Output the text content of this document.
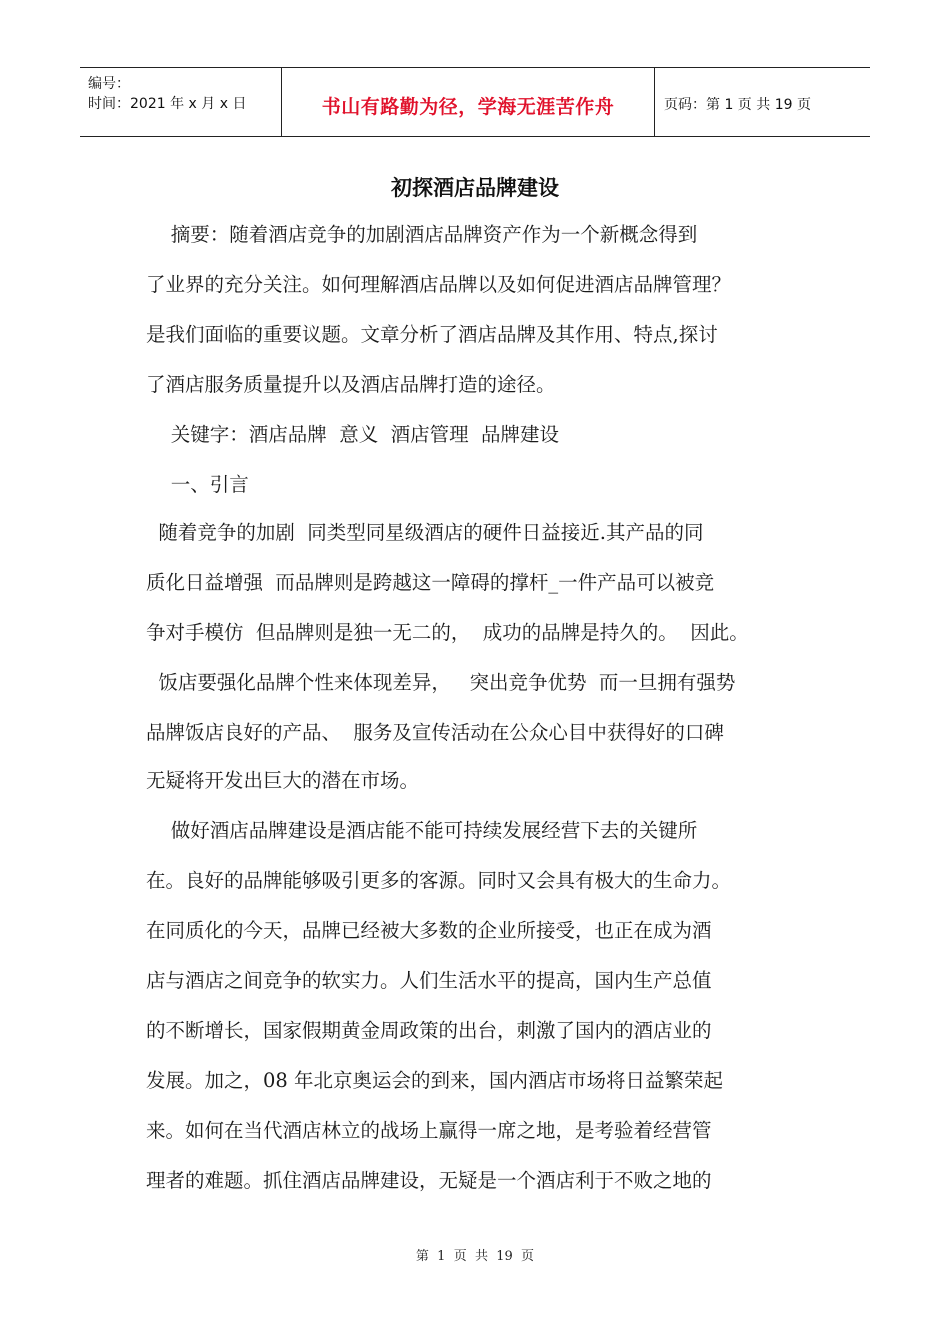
编号：
时间：2021 年 x 月 x 日	书山有路勤为径，学海无涯苦作舟	页码：第 1 页 共 19 页
初探酒店品牌建设
摘要：随着酒店竞争的加剧酒店品牌资产作为一个新概念得到
了业界的充分关注。如何理解酒店品牌以及如何促进酒店品牌管理？
是我们面临的重要议题。文章分析了酒店品牌及其作用、特点,探讨
了酒店服务质量提升以及酒店品牌打造的途径。
关键字：酒店品牌  意义  酒店管理  品牌建设
一、引言
随着竞争的加剧  同类型同星级酒店的硬件日益接近.其产品的同
质化日益增强  而品牌则是跨越这一障碍的撑杆_一件产品可以被竞
争对手模仿  但品牌则是独一无二的，  成功的品牌是持久的。  因此。
饭店要强化品牌个性来体现差异，   突出竞争优势  而一旦拥有强势
品牌饭店良好的产品、  服务及宣传活动在公众心目中获得好的口碑
无疑将开发出巨大的潜在市场。
做好酒店品牌建设是酒店能不能可持续发展经营下去的关键所
在。良好的品牌能够吸引更多的客源。同时又会具有极大的生命力。
在同质化的今天，品牌已经被大多数的企业所接受，也正在成为酒
店与酒店之间竞争的软实力。人们生活水平的提高，国内生产总值
的不断增长，国家假期黄金周政策的出台，刺激了国内的酒店业的
发展。加之，08 年北京奥运会的到来，国内酒店市场将日益繁荣起
来。如何在当代酒店林立的战场上赢得一席之地，是考验着经营管
理者的难题。抓住酒店品牌建设，无疑是一个酒店利于不败之地的
第  1  页  共  19  页
